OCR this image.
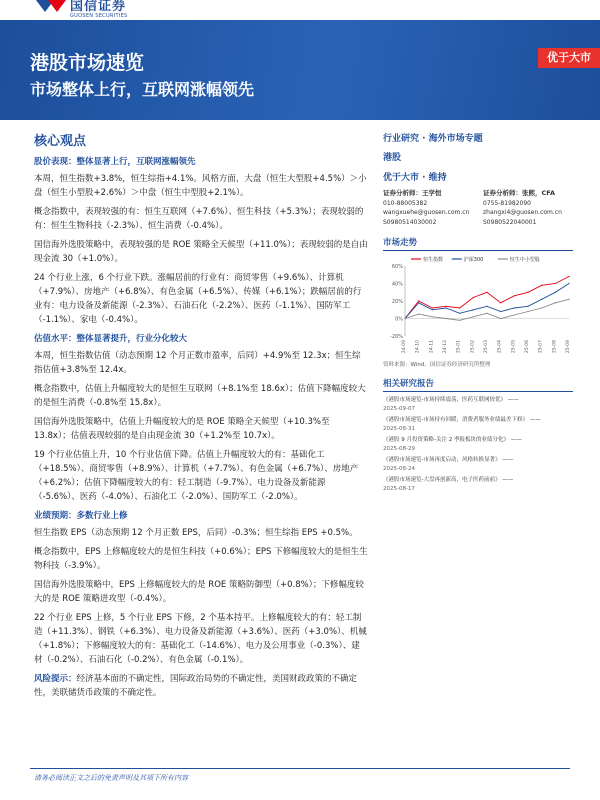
国信证券
GUOSEN SECURITIES
港股市场速览
市场整体上行，互联网涨幅领先
优于大市
核心观点
股价表现：整体显著上行，互联网涨幅领先

本周，恒生指数+3.8%，恒生综指+4.1%。风格方面，大盘（恒生大型股+4.5%）＞小盘（恒生小型股+2.6%）＞中盘（恒生中型股+2.1%）。

概念指数中，表现较强的有：恒生互联网（+7.6%）、恒生科技（+5.3%）；表现较弱的有：恒生生物科技（-2.3%）、恒生消费（-0.4%）。

国信海外选股策略中，表现较强的是 ROE 策略全天候型（+11.0%）；表现较弱的是自由现金流 30（+1.0%）。

24 个行业上涨，6 个行业下跌。涨幅居前的行业有：商贸零售（+9.6%）、计算机（+7.9%）、房地产（+6.8%）、有色金属（+6.5%）、传媒（+6.1%）；跌幅居前的行业有：电力设备及新能源（-2.3%）、石油石化（-2.2%）、医药（-1.1%）、国防军工（-1.1%）、家电（-0.4%）。

估值水平：整体显著提升，行业分化较大

本周，恒生指数估值（动态预期 12 个月正数市盈率，后同）+4.9%至 12.3x；恒生综指估值+3.8%至 12.4x。

概念指数中，估值上升幅度较大的是恒生互联网（+8.1%至 18.6x）；估值下降幅度较大的是恒生消费（-0.8%至 15.8x）。

国信海外选股策略中，估值上升幅度较大的是 ROE 策略全天候型（+10.3%至 13.8x）；估值表现较弱的是自由现金流 30（+1.2%至 10.7x）。

19 个行业估值上升，10 个行业估值下降。估值上升幅度较大的有：基础化工（+18.5%）、商贸零售（+8.9%）、计算机（+7.7%）、有色金属（+6.7%）、房地产（+6.2%）；估值下降幅度较大的有：轻工制造（-9.7%）、电力设备及新能源（-5.6%）、医药（-4.0%）、石油化工（-2.0%）、国防军工（-2.0%）。

业绩预期：多数行业上修

恒生指数 EPS（动态预期 12 个月正数 EPS，后同）-0.3%；恒生综指 EPS +0.5%。

概念指数中，EPS 上修幅度较大的是恒生科技（+0.6%）；EPS 下修幅度较大的是恒生生物科技（-3.9%）。

国信海外选股策略中，EPS 上修幅度较大的是 ROE 策略防御型（+0.8%）；下修幅度较大的是 ROE 策略进攻型（-0.4%）。

22 个行业 EPS 上修，5 个行业 EPS 下修，2 个基本持平。上修幅度较大的有：轻工制造（+11.3%）、钢铁（+6.3%）、电力设备及新能源（+3.6%）、医药（+3.0%）、机械（+1.8%）；下修幅度较大的有：基础化工（-14.6%）、电力及公用事业（-0.3%）、建材（-0.2%）、石油石化（-0.2%）、有色金属（-0.1%）。

风险提示：经济基本面的不确定性，国际政治局势的不确定性，美国财政政策的不确定性，美联储货币政策的不确定性。

行业研究 · 海外市场专题
港股
优于大市 · 维持
证券分析师：王学恒
010-88005382
wangxuehe@guosen.com.cn
S0980514030002
证券分析师：张熙，CFA
0755-81982090
zhangxi4@guosen.com.cn
S0980522040001
市场走势
60%
40%
20%
0%
-20%
24-09 24-10 24-11 24-12 25-01 25-02 25-03 25-04 25-05 25-06 25-07 25-08 25-09
恒生指数	沪深300	恒生中小型股
资料来源：Wind、国信证券经济研究所整理
相关研究报告
《港股市场速览-市场持续震荡，医药互联网较优》 ——
2025-09-07
《港股市场速览-市场持有回暖，消费者服务业绩最差下修》 ——
2025-08-31
《港股 9 月投资策略-关注 2 季报板块的业绩分化》 ——
2025-08-29
《港股市场速览-市场再度启动，风格转换显著》 ——
2025-08-24
《港股市场速览-大盘再创新高，电子医药前前》 ——
2025-08-17
请务必阅读正文之后的免责声明及其项下所有内容
